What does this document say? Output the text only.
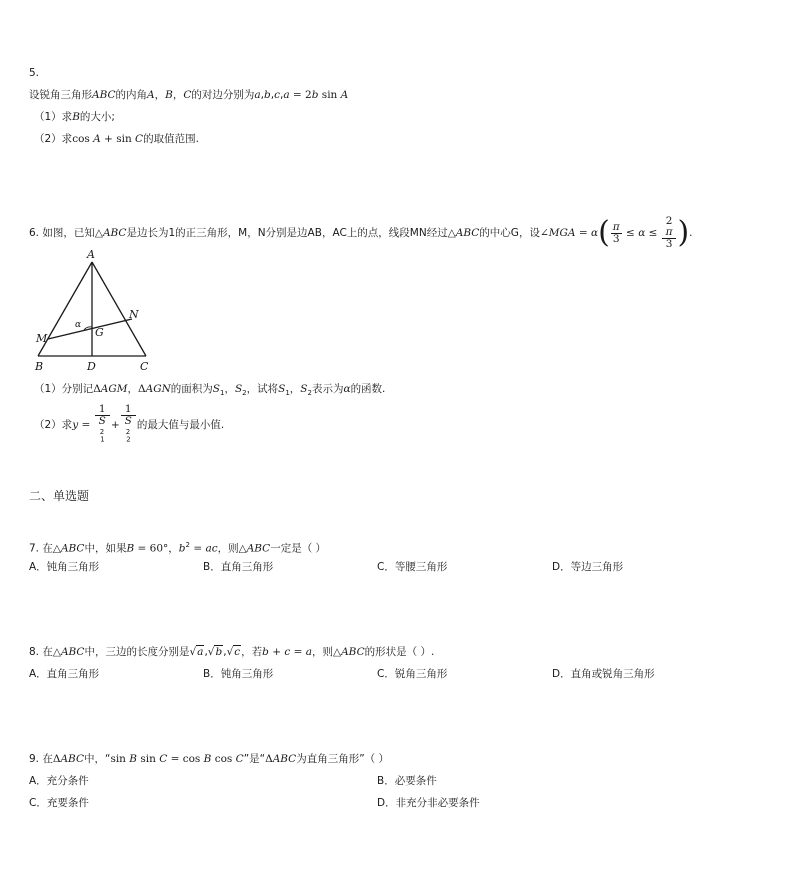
5.
设锐角三角形ABC的内角A，B，C的对边分别为a,b,c,a = 2b sin A
（1）求B的大小;
（2）求cos A + sin C的取值范围.
6. 如图，已知△ABC是边长为1的正三角形，M，N分别是边AB，AC上的点，线段MN经过△ABC的中心G，设∠MGA = $\alpha( \frac{\pi}{3} \le \alpha \le 2$
π
3 ).
A
M
N
G
B	D	C
α
（1）分别记ΔAGM，ΔAGN的面积为$S_1$，$S_2$，试将$S_1$，$S_2$表示为α的函数.
（2）求y = 1
S
$_1^2$ + 1
S
$_2^2$ 的最大值与最小值.
二、单选题
7. 在△ABC中，如果B = 60°，$b^2$ = ac，则△ABC一定是（ ）
A．钝角三角形	B．直角三角形	C．等腰三角形	D．等边三角形
8. 在△ABC中，三边的长度分别是√a,√b,√c，若b + c = a，则△ABC的形状是（ ）.
A．直角三角形	B．钝角三角形	C．锐角三角形	D．直角或锐角三角形
9. 在ΔABC中，“sin B sin C = cos B cos C”是“ΔABC为直角三角形”（ ）
A．充分条件	B．必要条件
C．充要条件	D．非充分非必要条件
